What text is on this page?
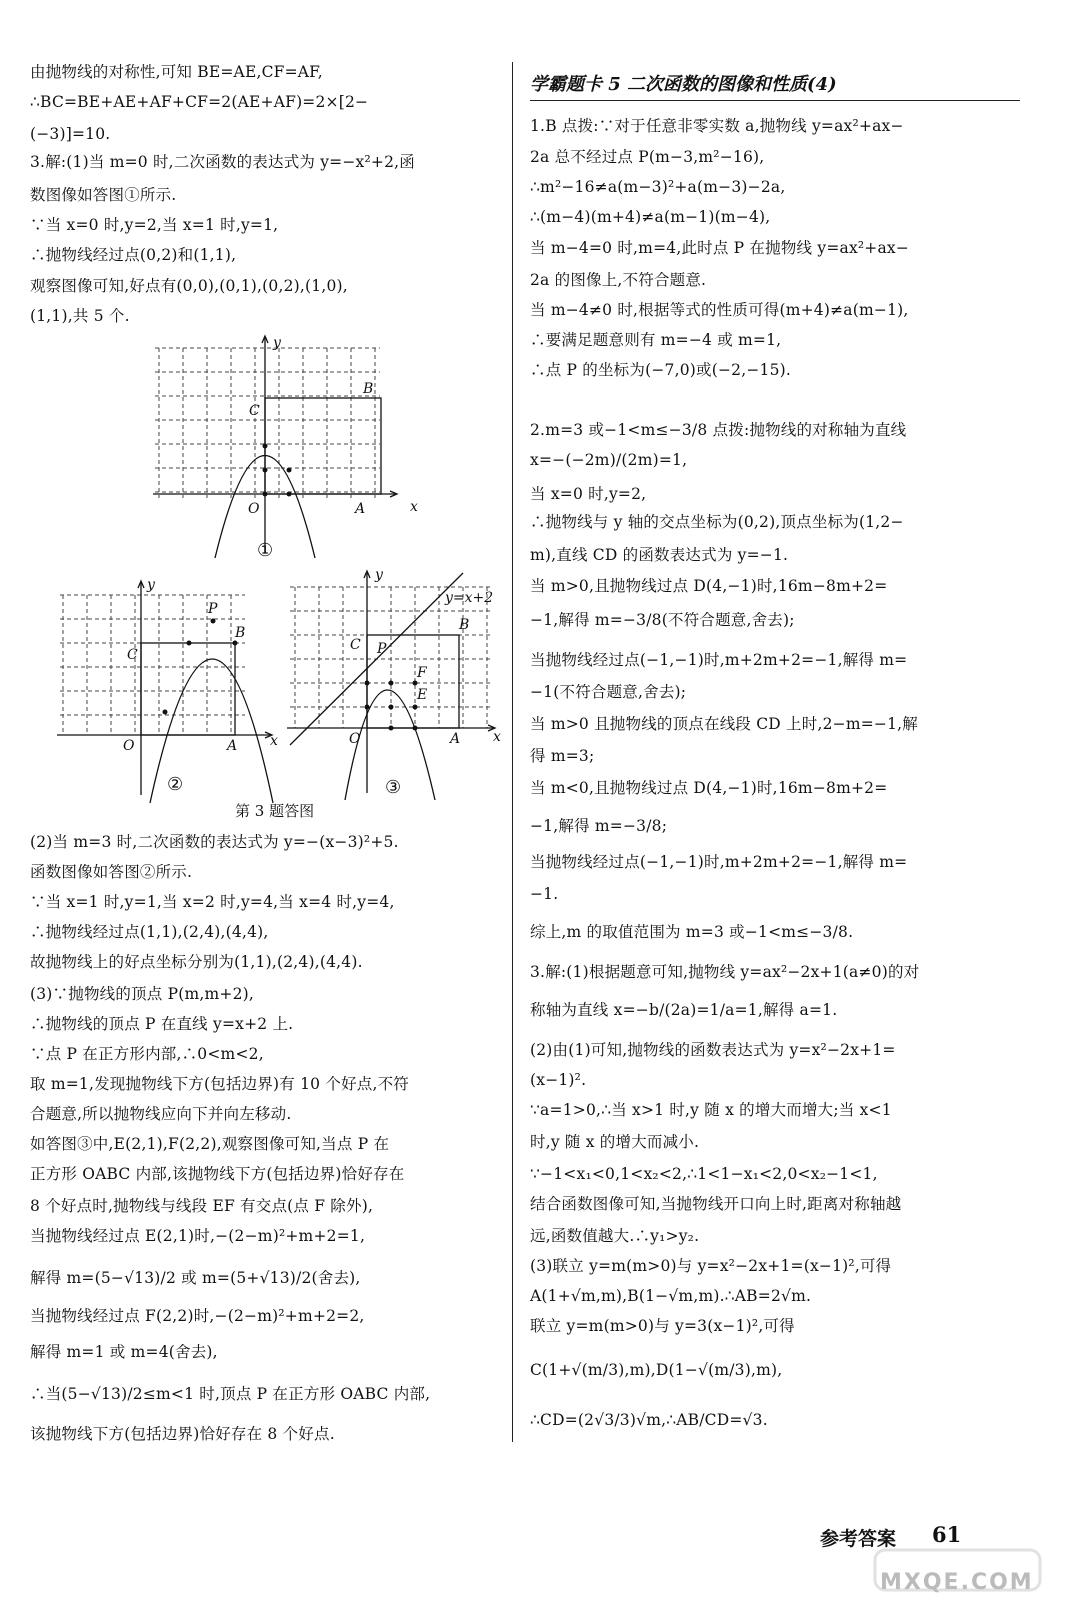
由抛物线的对称性,可知 BE=AE,CF=AF,
∴BC=BE+AE+AF+CF=2(AE+AF)=2×[2−
(−3)]=10.
3.解:(1)当 m=0 时,二次函数的表达式为 y=−x²+2,函
数图像如答图①所示.
∵当 x=0 时,y=2,当 x=1 时,y=1,
∴抛物线经过点(0,2)和(1,1),
观察图像可知,好点有(0,0),(0,1),(0,2),(1,0),
(1,1),共 5 个.
y
x
O	A
B
C
①
y
x
O	A
B
C
P
②
y
x
O	A
B
C P
F
E
y=x+2
③
第 3 题答图
(2)当 m=3 时,二次函数的表达式为 y=−(x−3)²+5.
函数图像如答图②所示.
∵当 x=1 时,y=1,当 x=2 时,y=4,当 x=4 时,y=4,
∴抛物线经过点(1,1),(2,4),(4,4),
故抛物线上的好点坐标分别为(1,1),(2,4),(4,4).
(3)∵抛物线的顶点 P(m,m+2),
∴抛物线的顶点 P 在直线 y=x+2 上.
∵点 P 在正方形内部,∴0<m<2,
取 m=1,发现抛物线下方(包括边界)有 10 个好点,不符
合题意,所以抛物线应向下并向左移动.
如答图③中,E(2,1),F(2,2),观察图像可知,当点 P 在
正方形 OABC 内部,该抛物线下方(包括边界)恰好存在
8 个好点时,抛物线与线段 EF 有交点(点 F 除外),
当抛物线经过点 E(2,1)时,−(2−m)²+m+2=1,
解得 m=(5−√13)/2 或 m=(5+√13)/2(舍去),
当抛物线经过点 F(2,2)时,−(2−m)²+m+2=2,
解得 m=1 或 m=4(舍去),
∴当(5−√13)/2≤m<1 时,顶点 P 在正方形 OABC 内部,
该抛物线下方(包括边界)恰好存在 8 个好点.
学霸题卡 5 二次函数的图像和性质(4)
1.B 点拨:∵对于任意非零实数 a,抛物线 y=ax²+ax−
2a 总不经过点 P(m−3,m²−16),
∴m²−16≠a(m−3)²+a(m−3)−2a,
∴(m−4)(m+4)≠a(m−1)(m−4),
当 m−4=0 时,m=4,此时点 P 在抛物线 y=ax²+ax−
2a 的图像上,不符合题意.
当 m−4≠0 时,根据等式的性质可得(m+4)≠a(m−1),
∴要满足题意则有 m=−4 或 m=1,
∴点 P 的坐标为(−7,0)或(−2,−15).
2.m=3 或−1<m≤−3/8 点拨:抛物线的对称轴为直线
x=−(−2m)/(2m)=1,
当 x=0 时,y=2,
∴抛物线与 y 轴的交点坐标为(0,2),顶点坐标为(1,2−
m),直线 CD 的函数表达式为 y=−1.
当 m>0,且抛物线过点 D(4,−1)时,16m−8m+2=
−1,解得 m=−3/8(不符合题意,舍去);
当抛物线经过点(−1,−1)时,m+2m+2=−1,解得 m=
−1(不符合题意,舍去);
当 m>0 且抛物线的顶点在线段 CD 上时,2−m=−1,解
得 m=3;
当 m<0,且抛物线过点 D(4,−1)时,16m−8m+2=
−1,解得 m=−3/8;
当抛物线经过点(−1,−1)时,m+2m+2=−1,解得 m=
−1.
综上,m 的取值范围为 m=3 或−1<m≤−3/8.
3.解:(1)根据题意可知,抛物线 y=ax²−2x+1(a≠0)的对
称轴为直线 x=−b/(2a)=1/a=1,解得 a=1.
(2)由(1)可知,抛物线的函数表达式为 y=x²−2x+1=
(x−1)².
∵a=1>0,∴当 x>1 时,y 随 x 的增大而增大;当 x<1
时,y 随 x 的增大而减小.
∵−1<x₁<0,1<x₂<2,∴1<1−x₁<2,0<x₂−1<1,
结合函数图像可知,当抛物线开口向上时,距离对称轴越
远,函数值越大.∴y₁>y₂.
(3)联立 y=m(m>0)与 y=x²−2x+1=(x−1)²,可得
A(1+√m,m),B(1−√m,m).∴AB=2√m.
联立 y=m(m>0)与 y=3(x−1)²,可得
C(1+√(m/3),m),D(1−√(m/3),m),
∴CD=(2√3/3)√m,∴AB/CD=√3.
参考答案 61
MXQE.COM
